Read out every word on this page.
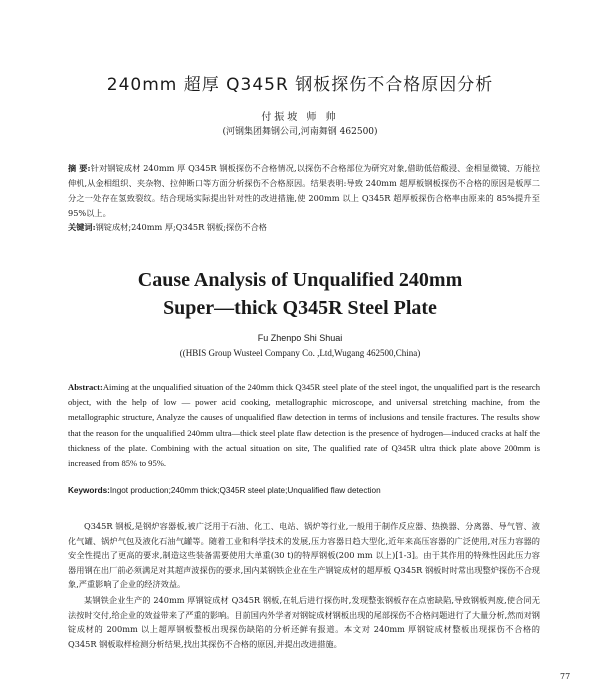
240mm 超厚 Q345R 钢板探伤不合格原因分析
付振坡 师 帅
(河钢集团舞钢公司,河南舞钢 462500)
摘 要:针对钢锭成材 240mm 厚 Q345R 钢板探伤不合格情况,以探伤不合格部位为研究对象,借助低倍酸浸、金相显微镜、万能拉伸机,从金相组织、夹杂物、拉伸断口等方面分析探伤不合格原因。结果表明:导致 240mm 超厚板钢板探伤不合格的原因是板厚二分之一处存在氢致裂纹。结合现场实际提出针对性的改进措施,使 200mm 以上 Q345R 超厚板探伤合格率由原来的 85%提升至 95%以上。
关键词:钢锭成材;240mm 厚;Q345R 钢板;探伤不合格
Cause Analysis of Unqualified 240mm
Super—thick Q345R Steel Plate
Fu Zhenpo Shi Shuai
((HBIS Group Wusteel Company Co. ,Ltd,Wugang 462500,China)
Abstract:Aiming at the unqualified situation of the 240mm thick Q345R steel plate of the steel ingot, the unqualified part is the research object, with the help of low — power acid cooking, metallographic microscope, and universal stretching machine, from the metallographic structure, Analyze the causes of unqualified flaw detection in terms of inclusions and tensile fractures. The results show that the reason for the unqualified 240mm ultra—thick steel plate flaw detection is the presence of hydrogen—induced cracks at half the thickness of the plate. Combining with the actual situation on site, The qualified rate of Q345R ultra thick plate above 200mm is increased from 85% to 95%.
Keywords:Ingot production;240mm thick;Q345R steel plate;Unqualified flaw detection

Q345R 钢板,是钢炉容器板,被广泛用于石油、化工、电站、锅炉等行业,一般用于制作反应器、热换器、分离器、导气管、液化气罐、锅炉气包及液化石油气罐等。随着工业和科学技术的发展,压力容器日趋大型化,近年来高压容器的广泛使用,对压力容器的安全性提出了更高的要求,制造这些装备需要使用大单重(30 t)的特厚钢板(200 mm 以上)[1-3]。由于其作用的特殊性因此压力容器用钢在出厂前必须满足对其超声波探伤的要求,国内某钢铁企业在生产钢锭成材的超厚板 Q345R 钢板时时常出现整炉探伤不合现象,严重影响了企业的经济效益。

某钢铁企业生产的 240mm 厚钢锭成材 Q345R 钢板,在轧后进行探伤时,发现整张钢板存在点密缺陷,导致钢板判废,使合同无法按时交付,给企业的效益带来了严重的影响。目前国内外学者对钢锭成材钢板出现的尾部探伤不合格问题进行了大量分析,然而对钢锭成材的 200mm 以上超厚钢板整板出现探伤缺陷的分析还鲜有报道。本文对 240mm 厚钢锭成材整板出现探伤不合格的 Q345R 钢板取样检测分析结果,找出其探伤不合格的原因,并提出改进措施。

77
